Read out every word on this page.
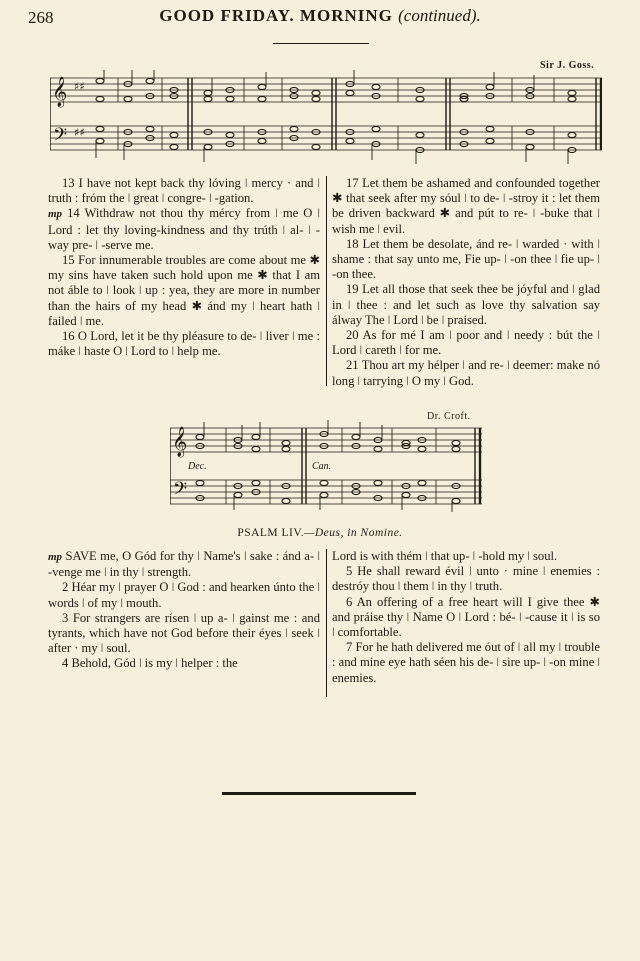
268	GOOD FRIDAY. MORNING (continued).
Sir J. Goss.
𝄞
𝄢
♯♯
♯♯

13 I have not kept back thy lóving ǀ mercy · and ǀ truth : fróm the ǀ great ǀ congre- ǀ -gation.

mp 14 Withdraw not thou thy mércy from ǀ me O ǀ Lord : let thy loving-kindness and thy trúth ǀ al- ǀ -way pre- ǀ -serve me.

15 For innumerable troubles are come about me ✱ my sins have taken such hold upon me ✱ that I am not áble to ǀ look ǀ up : yea, they are more in number than the hairs of my head ✱ ánd my ǀ heart hath ǀ failed ǀ me.

16 O Lord, let it be thy pléasure to de- ǀ liver ǀ me : máke ǀ haste O ǀ Lord to ǀ help me.

17 Let them be ashamed and confounded together ✱ that seek after my sóul ǀ to de- ǀ -stroy it : let them be driven backward ✱ and pút to re- ǀ -buke that ǀ wish me ǀ evil.

18 Let them be desolate, ánd re- ǀ warded · with ǀ shame : that say unto me, Fie up- ǀ -on thee ǀ fie up- ǀ -on thee.

19 Let all those that seek thee be jóyful and ǀ glad in ǀ thee : and let such as love thy salvation say álway The ǀ Lord ǀ be ǀ praised.

20 As for mé I am ǀ poor and ǀ needy : bút the ǀ Lord ǀ careth ǀ for me.

21 Thou art my hélper ǀ and re- ǀ deemer: make nó long ǀ tarrying ǀ O my ǀ God.

Dr. Croft.
𝄞
𝄢
Dec.	Can.
PSALM LIV.—Deus, in Nomine.

mp SAVE me, O Gód for thy ǀ Name's ǀ sake : ánd a- ǀ -venge me ǀ in thy ǀ strength.

2 Héar my ǀ prayer O ǀ God : and hearken únto the ǀ words ǀ of my ǀ mouth.

3 For strangers are rísen ǀ up a- ǀ gainst me : and tyrants, which have not God before their éyes ǀ seek ǀ after · my ǀ soul.

4 Behold, Gód ǀ is my ǀ helper : the

Lord is with thém ǀ that up- ǀ -hold my ǀ soul.

5 He shall reward évil ǀ unto · mine ǀ enemies : destróy thou ǀ them ǀ in thy ǀ truth.

6 An offering of a free heart will I give thee ✱ and práise thy ǀ Name O ǀ Lord : bé- ǀ -cause it ǀ is so ǀ comfortable.

7 For he hath delivered me óut of ǀ all my ǀ trouble : and mine eye hath séen his de- ǀ sire up- ǀ -on mine ǀ enemies.
